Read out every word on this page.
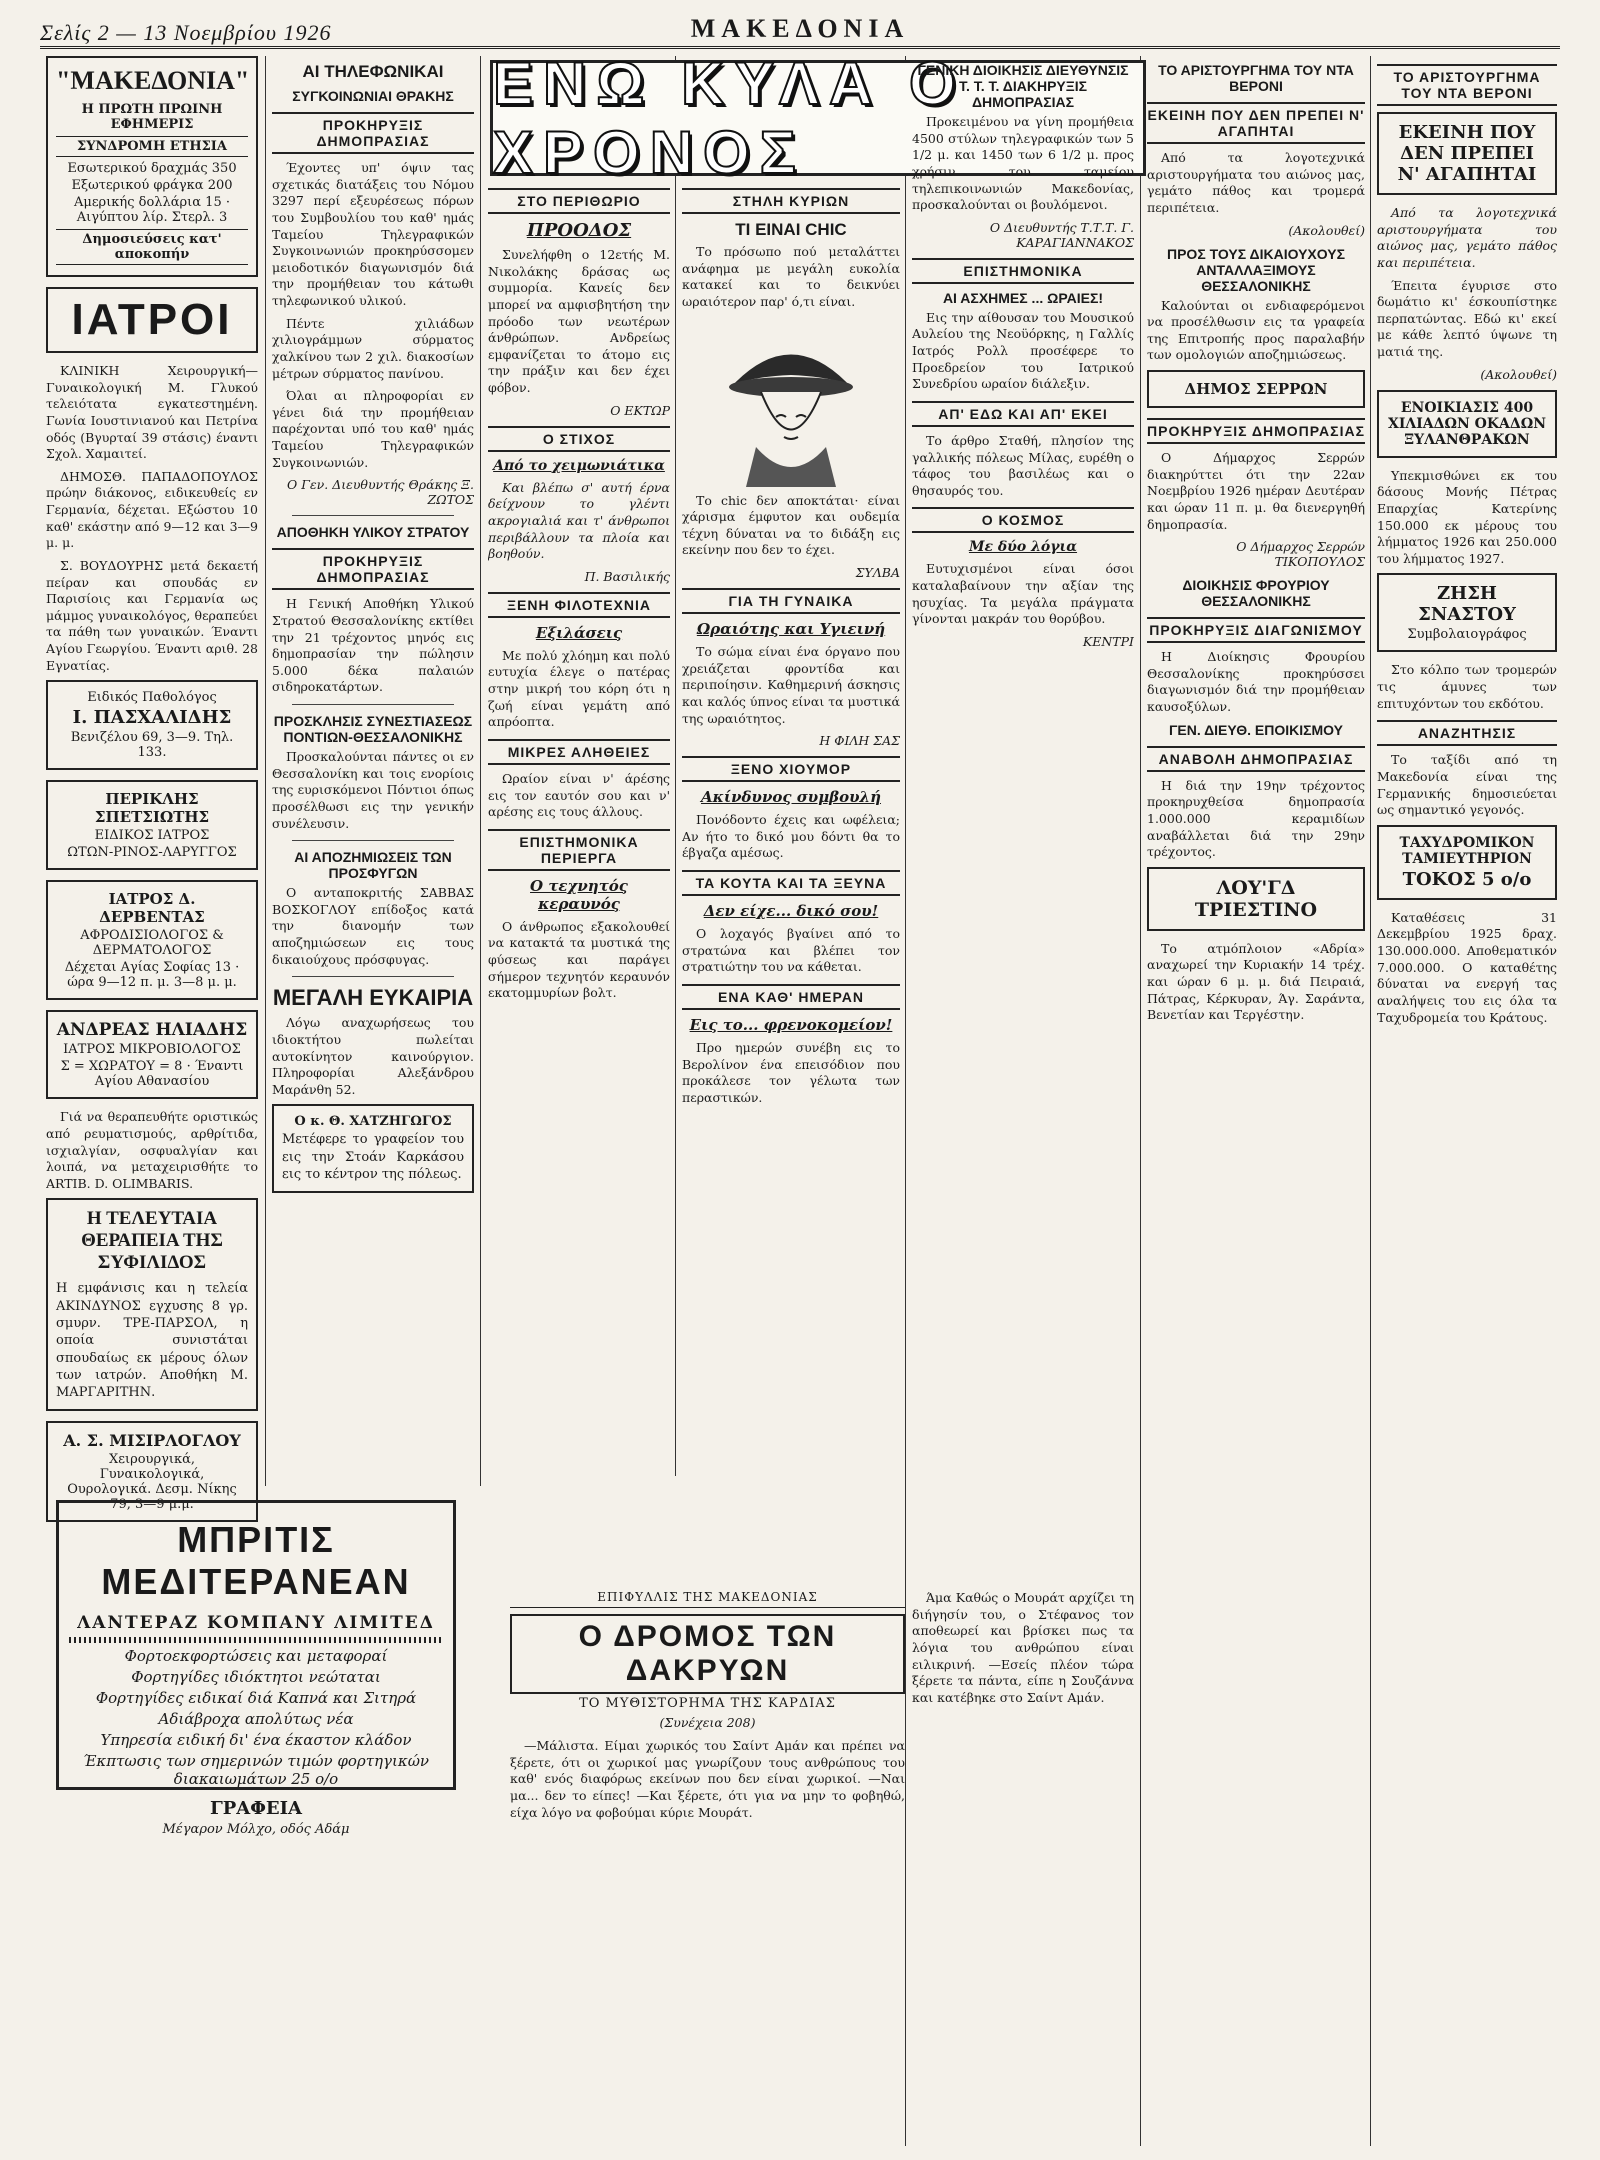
Σελίς 2 — 13 Νοεμβρίου 1926	ΜΑΚΕΔΟΝΙΑ
"ΜΑΚΕΔΟΝΙΑ"

Η ΠΡΩΤΗ ΠΡΩΙΝΗ ΕΦΗΜΕΡΙΣ

ΣΥΝΔΡΟΜΗ ΕΤΗΣΙΑ

Εσωτερικού δραχμάς 350

Εξωτερικού φράγκα 200

Αμερικής δολλάρια 15 · Αιγύπτου λίρ. Στερλ. 3

Δημοσιεύσεις κατ' αποκοπήν
ΙΑΤΡΟΙ

ΚΛΙΝΙΚΗ Χειρουργική—Γυναικολογική Μ. Γλυκού τελειότατα εγκατεστημένη. Γωνία Ιουστινιανού και Πετρίνα οδός (Βγυρταί 39 στάσις) έναντι Σχολ. Χαμαιτεί.

ΔΗΜΟΣΘ. ΠΑΠΑΔΟΠΟΥΛΟΣ πρώην διάκονος, ειδικευθείς εν Γερμανία, δέχεται. Εξώστου 10 καθ' εκάστην από 9—12 και 3—9 μ. μ.

Σ. ΒΟΥΔΟΥΡΗΣ μετά δεκαετή πείραν και σπουδάς εν Παρισίοις και Γερμανία ως μάμμος γυναικολόγος, θεραπεύει τα πάθη των γυναικών. Έναντι Αγίου Γεωργίου. Έναντι αριθ. 28 Εγνατίας.

Ειδικός Παθολόγος

Ι. ΠΑΣΧΑΛΙΔΗΣ

Βενιζέλου 69, 3—9. Τηλ. 133.

ΠΕΡΙΚΛΗΣ ΣΠΕΤΣΙΩΤΗΣ

ΕΙΔΙΚΟΣ ΙΑΤΡΟΣ

ΩΤΩΝ-ΡΙΝΟΣ-ΛΑΡΥΓΓΟΣ

ΙΑΤΡΟΣ Δ. ΔΕΡΒΕΝΤΑΣ

ΑΦΡΟΔΙΣΙΟΛΟΓΟΣ & ΔΕΡΜΑΤΟΛΟΓΟΣ

Δέχεται Αγίας Σοφίας 13 · ώρα 9—12 π. μ. 3—8 μ. μ.

ΑΝΔΡΕΑΣ ΗΛΙΑΔΗΣ

ΙΑΤΡΟΣ ΜΙΚΡΟΒΙΟΛΟΓΟΣ

Σ = ΧΩΡΑΤΟΥ = 8 · Έναντι Αγίου Αθανασίου

Γιά να θεραπευθήτε οριστικώς από ρευματισμούς, αρθρίτιδα, ισχιαλγίαν, οσφυαλγίαν και λοιπά, να μεταχειρισθήτε το ARTIB. D. OLIMBARIS.

Η ΤΕΛΕΥΤΑΙΑ ΘΕΡΑΠΕΙΑ ΤΗΣ ΣΥΦΙΛΙΔΟΣ

Η εμφάνισις και η τελεία ΑΚΙΝΔΥΝΟΣ εγχυσης 8 γρ. σμυρν. ΤΡΕ-ΠΑΡΣΟΛ, η οποία συνιστάται σπουδαίως εκ μέρους όλων των ιατρών. Αποθήκη Μ. ΜΑΡΓΑΡΙΤΗΝ.

Α. Σ. ΜΙΣΙΡΛΟΓΛΟΥ

Χειρουργικά, Γυναικολογικά, Ουρολογικά. Δεσμ. Νίκης 79, 3—9 μ.μ.

ΑΙ ΤΗΛΕΦΩΝΙΚΑΙ
ΣΥΓΚΟΙΝΩΝΙΑΙ ΘΡΑΚΗΣ
ΠΡΟΚΗΡΥΞΙΣ ΔΗΜΟΠΡΑΣΙΑΣ

Έχοντες υπ' όψιν τας σχετικάς διατάξεις του Νόμου 3297 περί εξευρέσεως πόρων του Συμβουλίου του καθ' ημάς Ταμείου Τηλεγραφικών Συγκοινωνιών προκηρύσσομεν μειοδοτικόν διαγωνισμόν διά την προμήθειαν του κάτωθι τηλεφωνικού υλικού.

Πέντε χιλιάδων χιλιογράμμων σύρματος χαλκίνου των 2 χιλ. διακοσίων μέτρων σύρματος πανίνου.

Όλαι αι πληροφορίαι εν γένει διά την προμήθειαν παρέχονται υπό του καθ' ημάς Ταμείου Τηλεγραφικών Συγκοινωνιών.

Ο Γεν. Διευθυντής Θράκης Ξ. ΖΩΤΟΣ

ΑΠΟΘΗΚΗ ΥΛΙΚΟΥ ΣΤΡΑΤΟΥ
ΠΡΟΚΗΡΥΞΙΣ ΔΗΜΟΠΡΑΣΙΑΣ

Η Γενική Αποθήκη Υλικού Στρατού Θεσσαλονίκης εκτίθει την 21 τρέχοντος μηνός εις δημοπρασίαν την πώλησιν 5.000 δέκα παλαιών σιδηροκατάρτων.

ΠΡΟΣΚΛΗΣΙΣ ΣΥΝΕΣΤΙΑΣΕΩΣ ΠΟΝΤΙΩΝ-ΘΕΣΣΑΛΟΝΙΚΗΣ

Προσκαλούνται πάντες οι εν Θεσσαλονίκη και τοις ενορίοις της ευρισκόμενοι Πόντιοι όπως προσέλθωσι εις την γενικήν συνέλευσιν.

ΑΙ ΑΠΟΖΗΜΙΩΣΕΙΣ ΤΩΝ ΠΡΟΣΦΥΓΩΝ

Ο ανταποκριτής ΣΑΒΒΑΣ ΒΟΣΚΟΓΛΟΥ επίδοξος κατά την διανομήν των αποζημιώσεων εις τους δικαιούχους πρόσφυγας.

ΜΕΓΑΛΗ ΕΥΚΑΙΡΙΑ

Λόγω αναχωρήσεως του ιδιοκτήτου πωλείται αυτοκίνητον καινούργιον. Πληροφορίαι Αλεξάνδρου Μαράνθη 52.

Ο κ. Θ. ΧΑΤΖΗΓΩΓΟΣ

Μετέφερε το γραφείον του εις την Στοάν Καρκάσου εις το κέντρον της πόλεως.

ΕΝΩ ΚΥΛΑ Ο ΧΡΟΝΟΣ
ΣΤΟ ΠΕΡΙΘΩΡΙΟ
ΠΡΟΟΔΟΣ

Συνελήφθη ο 12ετής Μ. Νικολάκης δράσας ως συμμορία. Κανείς δεν μπορεί να αμφισβητήση την πρόοδο των νεωτέρων άνθρώπων. Ανδρείως εμφανίζεται το άτομο εις την πράξιν και δεν έχει φόβον.

Ο ΕΚΤΩΡ

Ο ΣΤΙΧΟΣ
Από το χειμωνιάτικα

Και βλέπω σ' αυτή έρνα δείχνουν το γλέντι ακρογιαλιά και τ' άνθρωποι περιβάλλουν τα πλοία και βοηθούν.

Π. Βασιλικής

ΞΕΝΗ ΦΙΛΟΤΕΧΝΙΑ
Εξιλάσεις

Με πολύ χλόημη και πολύ ευτυχία έλεγε ο πατέρας στην μικρή του κόρη ότι η ζωή είναι γεμάτη από απρόοπτα.

ΜΙΚΡΕΣ ΑΛΗΘΕΙΕΣ

Ωραίον είναι ν' άρέσης εις τον εαυτόν σου και ν' αρέσης εις τους άλλους.

ΕΠΙΣΤΗΜΟΝΙΚΑ ΠΕΡΙΕΡΓΑ
Ο τεχνητός κεραυνός

Ο άνθρωπος εξακολουθεί να κατακτά τα μυστικά της φύσεως και παράγει σήμερον τεχνητόν κεραυνόν εκατομμυρίων βολτ.

ΣΤΗΛΗ ΚΥΡΙΩΝ
ΤΙ ΕΙΝΑΙ CHIC

Το πρόσωπο πού μεταλάττει ανάφημα με μεγάλη ευκολία κατακεί και το δεικνύει ωραιότερον παρ' ό,τι είναι.

Το chic δεν αποκτάται· είναι χάρισμα έμφυτον και ουδεμία τέχνη δύναται να το διδάξη εις εκείνην που δεν το έχει.

ΣΥΛΒΑ

ΓΙΑ ΤΗ ΓΥΝΑΙΚΑ
Ωραιότης και Υγιεινή

Το σώμα είναι ένα όργανο που χρειάζεται φροντίδα και περιποίησιν. Καθημερινή άσκησις και καλός ύπνος είναι τα μυστικά της ωραιότητος.

Η ΦΙΛΗ ΣΑΣ

ΞΕΝΟ ΧΙΟΥΜΟΡ
Ακίνδυνος συμβουλή

Πονόδοντο έχεις και ωφέλεια; Αν ήτο το δικό μου δόντι θα το έβγαζα αμέσως.

ΤΑ ΚΟΥΤΑ ΚΑΙ ΤΑ ΞΕΥΝΑ
Δεν είχε... δικό σου!

Ο λοχαγός βγαίνει από το στρατώνα και βλέπει τον στρατιώτην του να κάθεται.

ΕΝΑ ΚΑΘ' ΗΜΕΡΑΝ
Εις το... φρενοκομείον!

Προ ημερών συνέβη εις το Βερολίνον ένα επεισόδιον που προκάλεσε τον γέλωτα των περαστικών.

ΓΕΝΙΚΗ ΔΙΟΙΚΗΣΙΣ ΔΙΕΥΘΥΝΣΙΣ Τ. Τ. Τ. ΔΙΑΚΗΡΥΞΙΣ ΔΗΜΟΠΡΑΣΙΑΣ

Προκειμένου να γίνη προμήθεια 4500 στύλων τηλεγραφικών των 5 1/2 μ. και 1450 των 6 1/2 μ. προς χρήσιν του ταμείου τηλεπικοινωνιών Μακεδονίας, προσκαλούνται οι βουλόμενοι.

Ο Διευθυντής Τ.Τ.Τ. Γ. ΚΑΡΑΓΙΑΝΝΑΚΟΣ

ΕΠΙΣΤΗΜΟΝΙΚΑ
ΑΙ ΑΣΧΗΜΕΣ ... ΩΡΑΙΕΣ!

Εις την αίθουσαν του Μουσικού Αυλείου της Νεοϋόρκης, η Γαλλίς Ιατρός Ρολλ προσέφερε το Προεδρείον του Ιατρικού Συνεδρίου ωραίον διάλεξιν.

ΑΠ' ΕΔΩ ΚΑΙ ΑΠ' ΕΚΕΙ

Το άρθρο Σταθή, πλησίον της γαλλικής πόλεως Μίλας, ευρέθη ο τάφος του βασιλέως και ο θησαυρός του.

Ο ΚΟΣΜΟΣ
Με δύο λόγια

Ευτυχισμένοι είναι όσοι καταλαβαίνουν την αξίαν της ησυχίας. Τα μεγάλα πράγματα γίνονται μακράν του θορύβου.

ΚΕΝΤΡΙ

ΤΟ ΑΡΙΣΤΟΥΡΓΗΜΑ ΤΟΥ ΝΤΑ ΒΕΡΟΝΙ
ΕΚΕΙΝΗ ΠΟΥ ΔΕΝ ΠΡΕΠΕΙ Ν' ΑΓΑΠΗΤΑΙ

Από τα λογοτεχνικά αριστουργήματα του αιώνος μας, γεμάτο πάθος και τρομερά περιπέτεια.

(Ακολουθεί)

ΠΡΟΣ ΤΟΥΣ ΔΙΚΑΙΟΥΧΟΥΣ ΑΝΤΑΛΛΑΞΙΜΟΥΣ ΘΕΣΣΑΛΟΝΙΚΗΣ

Καλούνται οι ενδιαφερόμενοι να προσέλθωσιν εις τα γραφεία της Επιτροπής προς παραλαβήν των ομολογιών αποζημιώσεως.

ΔΗΜΟΣ ΣΕΡΡΩΝ

ΠΡΟΚΗΡΥΞΙΣ ΔΗΜΟΠΡΑΣΙΑΣ

Ο Δήμαρχος Σερρών διακηρύττει ότι την 22αν Νοεμβρίου 1926 ημέραν Δευτέραν και ώραν 11 π. μ. θα διενεργηθή δημοπρασία.

Ο Δήμαρχος Σερρών ΤΙΚΟΠΟΥΛΟΣ

ΔΙΟΙΚΗΣΙΣ ΦΡΟΥΡΙΟΥ ΘΕΣΣΑΛΟΝΙΚΗΣ
ΠΡΟΚΗΡΥΞΙΣ ΔΙΑΓΩΝΙΣΜΟΥ

Η Διοίκησις Φρουρίου Θεσσαλονίκης προκηρύσσει διαγωνισμόν διά την προμήθειαν καυσοξύλων.

ΓΕΝ. ΔΙΕΥΘ. ΕΠΟΙΚΙΣΜΟΥ
ΑΝΑΒΟΛΗ ΔΗΜΟΠΡΑΣΙΑΣ

Η διά την 19ην τρέχοντος προκηρυχθείσα δημοπρασία 1.000.000 κεραμιδίων αναβάλλεται διά την 29ην τρέχοντος.

ΛΟΥ'ΓΔ ΤΡΙΕΣΤΙΝΟ

Το ατμόπλοιον «Αδρία» αναχωρεί την Κυριακήν 14 τρέχ. και ώραν 6 μ. μ. διά Πειραιά, Πάτρας, Κέρκυραν, Άγ. Σαράντα, Βενετίαν και Τεργέστην.

ΤΟ ΑΡΙΣΤΟΥΡΓΗΜΑ ΤΟΥ ΝΤΑ ΒΕΡΟΝΙ

ΕΚΕΙΝΗ ΠΟΥ ΔΕΝ ΠΡΕΠΕΙ Ν' ΑΓΑΠΗΤΑΙ

Από τα λογοτεχνικά αριστουργήματα του αιώνος μας, γεμάτο πάθος και περιπέτεια.

Έπειτα έγυρισε στο δωμάτιο κι' έσκουπίστηκε περπατώντας. Εδώ κι' εκεί με κάθε λεπτό ύψωνε τη ματιά της.

(Ακολουθεί)

ΕΝΟΙΚΙΑΣΙΣ 400 ΧΙΛΙΑΔΩΝ ΟΚΑΔΩΝ ΞΥΛΑΝΘΡΑΚΩΝ

Υπεκμισθώνει εκ του δάσους Μονής Πέτρας Επαρχίας Κατερίνης 150.000 εκ μέρους του λήμματος 1926 και 250.000 του λήμματος 1927.

ΖΗΣΗ ΣΝΑΣΤΟΥ

Συμβολαιογράφος

Στο κόλπο των τρομερών τις άμυνες των επιτυχόντων του εκδότου.

ΑΝΑΖΗΤΗΣΙΣ

Το ταξίδι από τη Μακεδονία είναι της Γερμανικής δημοσιεύεται ως σημαντικό γεγονός.

ΤΑΧΥΔΡΟΜΙΚΟΝ ΤΑΜΙΕΥΤΗΡΙΟΝ

ΤΟΚΟΣ 5 ο/ο

Καταθέσεις 31 Δεκεμβρίου 1925 δραχ. 130.000.000. Αποθεματικόν 7.000.000. Ο καταθέτης δύναται να ενεργή τας αναλήψεις του εις όλα τα Ταχυδρομεία του Κράτους.

ΜΠΡΙΤΙΣ ΜΕΔΙΤΕΡΑΝΕΑΝ

ΛΑΝΤΕΡΑΖ ΚΟΜΠΑΝΥ ΛΙΜΙΤΕΔ

Φορτοεκφορτώσεις και μεταφοραί

Φορτηγίδες ιδιόκτητοι νεώταται

Φορτηγίδες ειδικαί διά Καπνά και Σιτηρά

Αδιάβροχα απολύτως νέα

Υπηρεσία ειδική δι' ένα έκαστον κλάδον

Έκπτωσις των σημερινών τιμών φορτηγικών διακαιωμάτων 25 ο/ο

ΓΡΑΦΕΙΑ

Μέγαρον Μόλχο, οδός Αδάμ

ΕΠΙΦΥΛΛΙΣ ΤΗΣ ΜΑΚΕΔΟΝΙΑΣ
Ο ΔΡΟΜΟΣ ΤΩΝ ΔΑΚΡΥΩΝ
ΤΟ ΜΥΘΙΣΤΟΡΗΜΑ ΤΗΣ ΚΑΡΔΙΑΣ

(Συνέχεια 208)

—Μάλιστα. Είμαι χωρικός του Σαίντ Αμάν και πρέπει να ξέρετε, ότι οι χωρικοί μας γνωρίζουν τους ανθρώπους του καθ' ενός διαφόρως εκείνων που δεν είναι χωρικοί. —Ναι μα... δεν το είπες! —Και ξέρετε, ότι για να μην το φοβηθώ, είχα λόγο να φοβούμαι κύριε Μουράτ.

Άμα Καθώς ο Μουράτ αρχίζει τη διήγησίν του, ο Στέφανος τον αποθεωρεί και βρίσκει πως τα λόγια του ανθρώπου είναι ειλικρινή. —Εσείς πλέον τώρα ξέρετε τα πάντα, είπε η Σουζάννα και κατέβηκε στο Σαίντ Αμάν.
